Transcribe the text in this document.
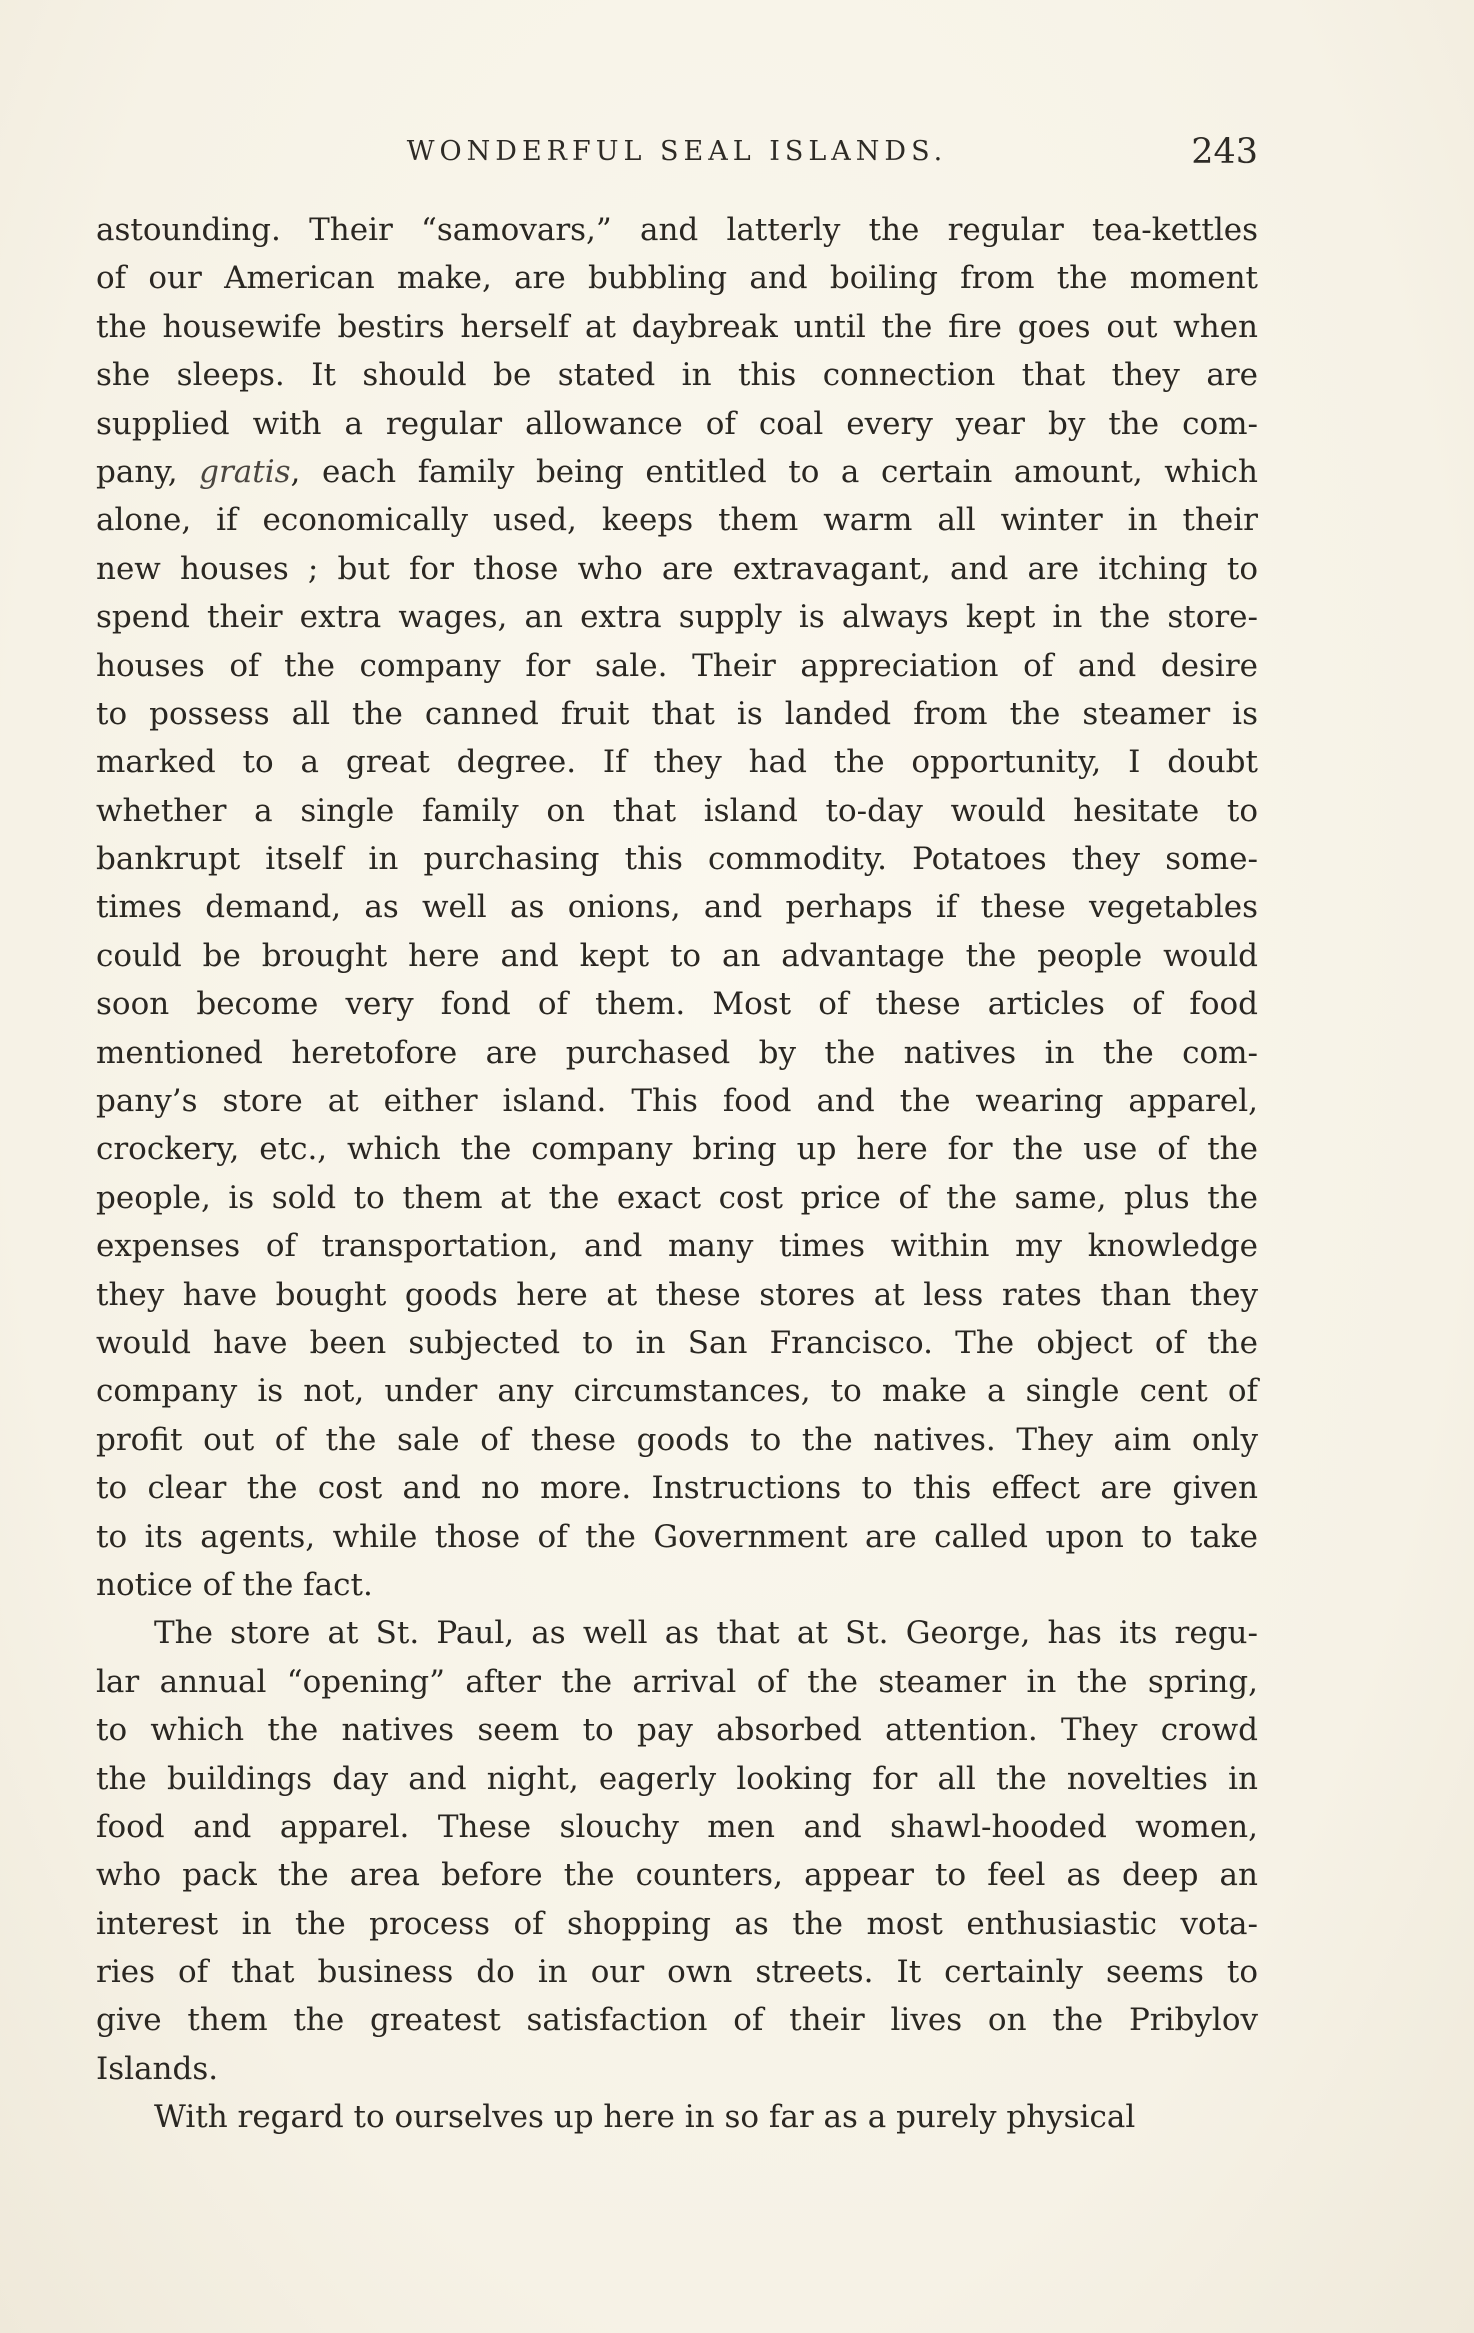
WONDERFUL SEAL ISLANDS.	243
astounding. Their “samovars,” and latterly the regular tea-kettles
of our American make, are bubbling and boiling from the moment
the housewife bestirs herself at daybreak until the fire goes out when
she sleeps. It should be stated in this connection that they are
supplied with a regular allowance of coal every year by the com-
pany, gratis, each family being entitled to a certain amount, which
alone, if economically used, keeps them warm all winter in their
new houses ; but for those who are extravagant, and are itching to
spend their extra wages, an extra supply is always kept in the store-
houses of the company for sale. Their appreciation of and desire
to possess all the canned fruit that is landed from the steamer is
marked to a great degree. If they had the opportunity, I doubt
whether a single family on that island to-day would hesitate to
bankrupt itself in purchasing this commodity. Potatoes they some-
times demand, as well as onions, and perhaps if these vegetables
could be brought here and kept to an advantage the people would
soon become very fond of them. Most of these articles of food
mentioned heretofore are purchased by the natives in the com-
pany’s store at either island. This food and the wearing apparel,
crockery, etc., which the company bring up here for the use of the
people, is sold to them at the exact cost price of the same, plus the
expenses of transportation, and many times within my knowledge
they have bought goods here at these stores at less rates than they
would have been subjected to in San Francisco. The object of the
company is not, under any circumstances, to make a single cent of
profit out of the sale of these goods to the natives. They aim only
to clear the cost and no more. Instructions to this effect are given
to its agents, while those of the Government are called upon to take
notice of the fact.
The store at St. Paul, as well as that at St. George, has its regu-
lar annual “opening” after the arrival of the steamer in the spring,
to which the natives seem to pay absorbed attention. They crowd
the buildings day and night, eagerly looking for all the novelties in
food and apparel. These slouchy men and shawl-hooded women,
who pack the area before the counters, appear to feel as deep an
interest in the process of shopping as the most enthusiastic vota-
ries of that business do in our own streets. It certainly seems to
give them the greatest satisfaction of their lives on the Pribylov
Islands.
With regard to ourselves up here in so far as a purely physical
